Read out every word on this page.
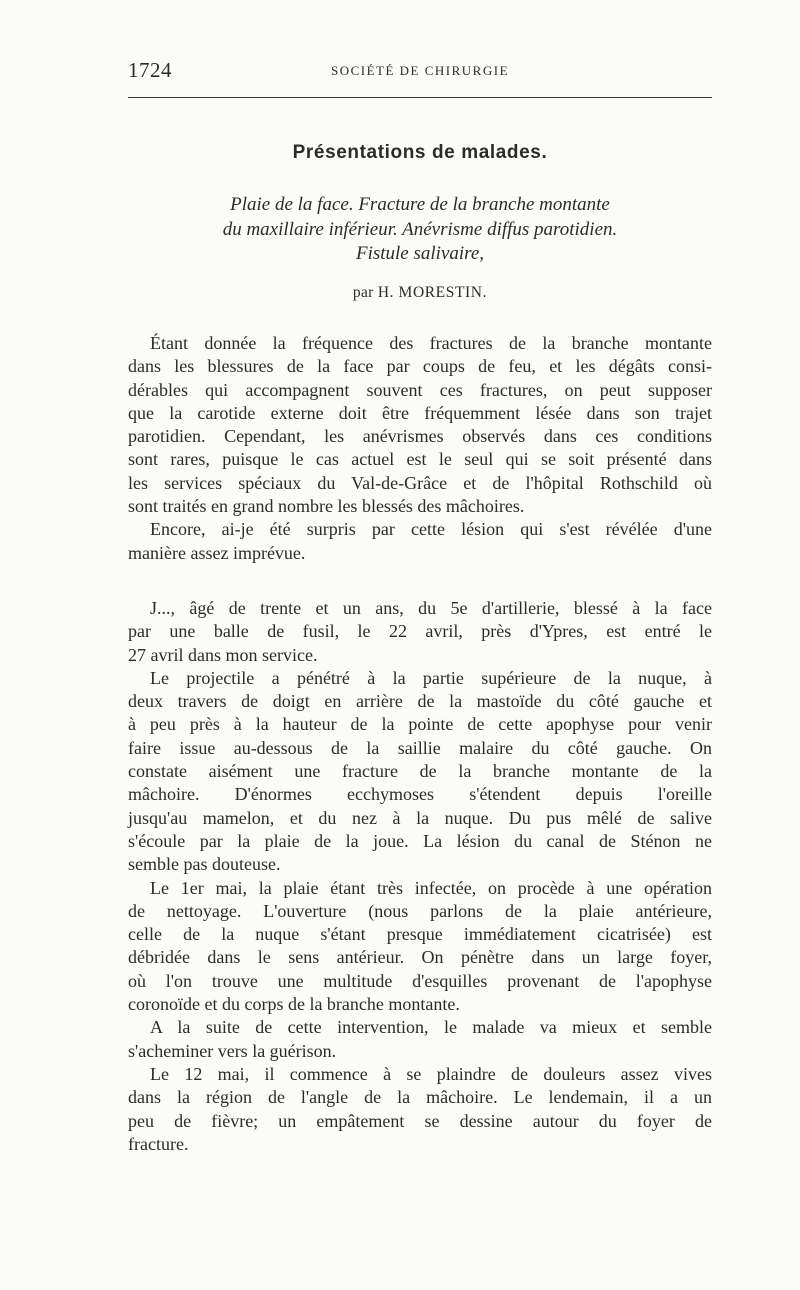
1724	SOCIÉTÉ DE CHIRURGIE
Présentations de malades.
Plaie de la face. Fracture de la branche montante
du maxillaire inférieur. Anévrisme diffus parotidien.
Fistule salivaire,
par H. MORESTIN.

Étant donnée la fréquence des fractures de la branche montante

dans les blessures de la face par coups de feu, et les dégâts consi-

dérables qui accompagnent souvent ces fractures, on peut supposer

que la carotide externe doit être fréquemment lésée dans son trajet

parotidien. Cependant, les anévrismes observés dans ces conditions

sont rares, puisque le cas actuel est le seul qui se soit présenté dans

les services spéciaux du Val-de-Grâce et de l'hôpital Rothschild où

sont traités en grand nombre les blessés des mâchoires.

Encore, ai-je été surpris par cette lésion qui s'est révélée d'une

manière assez imprévue.

J..., âgé de trente et un ans, du 5e d'artillerie, blessé à la face

par une balle de fusil, le 22 avril, près d'Ypres, est entré le

27 avril dans mon service.

Le projectile a pénétré à la partie supérieure de la nuque, à

deux travers de doigt en arrière de la mastoïde du côté gauche et

à peu près à la hauteur de la pointe de cette apophyse pour venir

faire issue au-dessous de la saillie malaire du côté gauche. On

constate aisément une fracture de la branche montante de la

mâchoire. D'énormes ecchymoses s'étendent depuis l'oreille

jusqu'au mamelon, et du nez à la nuque. Du pus mêlé de salive

s'écoule par la plaie de la joue. La lésion du canal de Sténon ne

semble pas douteuse.

Le 1er mai, la plaie étant très infectée, on procède à une opération

de nettoyage. L'ouverture (nous parlons de la plaie antérieure,

celle de la nuque s'étant presque immédiatement cicatrisée) est

débridée dans le sens antérieur. On pénètre dans un large foyer,

où l'on trouve une multitude d'esquilles provenant de l'apophyse

coronoïde et du corps de la branche montante.

A la suite de cette intervention, le malade va mieux et semble

s'acheminer vers la guérison.

Le 12 mai, il commence à se plaindre de douleurs assez vives

dans la région de l'angle de la mâchoire. Le lendemain, il a un

peu de fièvre; un empâtement se dessine autour du foyer de

fracture.
